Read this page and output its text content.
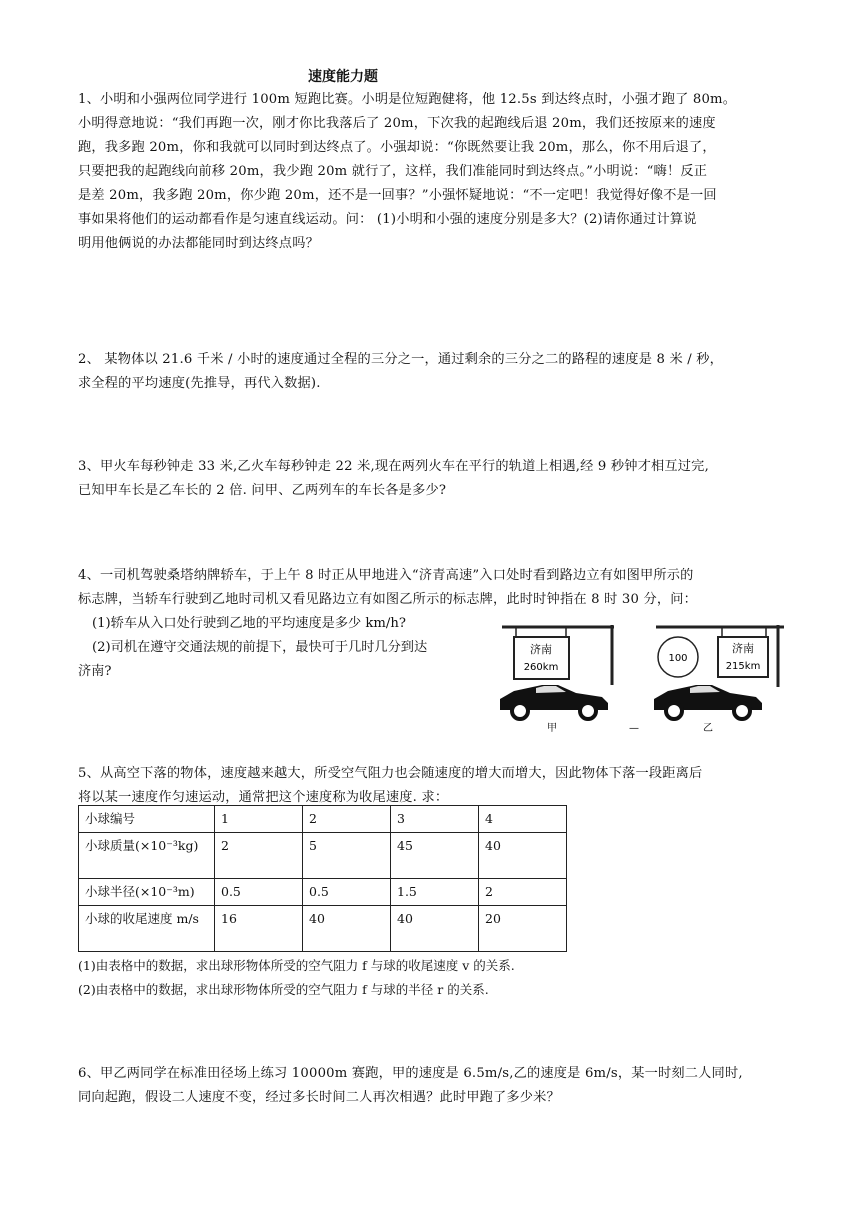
速度能力题
1、小明和小强两位同学进行 100m 短跑比赛。小明是位短跑健将，他 12.5s 到达终点时，小强才跑了 80m。
小明得意地说：“我们再跑一次，刚才你比我落后了 20m，下次我的起跑线后退 20m，我们还按原来的速度
跑，我多跑 20m，你和我就可以同时到达终点了。小强却说：“你既然要让我 20m，那么，你不用后退了，
只要把我的起跑线向前移 20m，我少跑 20m 就行了，这样，我们准能同时到达终点。”小明说：“嗨！反正
是差 20m，我多跑 20m，你少跑 20m，还不是一回事？”小强怀疑地说：“不一定吧！我觉得好像不是一回
事如果将他们的运动都看作是匀速直线运动。问： (1)小明和小强的速度分别是多大？(2)请你通过计算说
明用他俩说的办法都能同时到达终点吗？
2、 某物体以 21.6 千米 / 小时的速度通过全程的三分之一，通过剩余的三分之二的路程的速度是 8 米 / 秒，
求全程的平均速度(先推导，再代入数据).
3、甲火车每秒钟走 33 米,乙火车每秒钟走 22 米,现在两列火车在平行的轨道上相遇,经 9 秒钟才相互过完,
已知甲车长是乙车长的 2 倍. 问甲、乙两列车的车长各是多少?
4、一司机驾驶桑塔纳牌轿车，于上午 8 时正从甲地进入“济青高速”入口处时看到路边立有如图甲所示的
标志牌，当轿车行驶到乙地时司机又看见路边立有如图乙所示的标志牌，此时时钟指在 8 时 30 分，问：
(1)轿车从入口处行驶到乙地的平均速度是多少 km/h?
(2)司机在遵守交通法规的前提下，最快可于几时几分到达
济南?
济南
260km
甲	—
100
济南
215km
乙
5、从高空下落的物体，速度越来越大，所受空气阻力也会随速度的增大而增大，因此物体下落一段距离后
将以某一速度作匀速运动，通常把这个速度称为收尾速度. 求：
小球编号	1	2	3	4
小球质量(×10⁻³kg)	2	5	45	40
小球半径(×10⁻³m)	0.5	0.5	1.5	2
小球的收尾速度 m/s	16	40	40	20
(1)由表格中的数据，求出球形物体所受的空气阻力 f 与球的收尾速度 v 的关系.
(2)由表格中的数据，求出球形物体所受的空气阻力 f 与球的半径 r 的关系.
6、甲乙两同学在标准田径场上练习 10000m 赛跑，甲的速度是 6.5m/s,乙的速度是 6m/s，某一时刻二人同时,
同向起跑，假设二人速度不变，经过多长时间二人再次相遇？此时甲跑了多少米？
